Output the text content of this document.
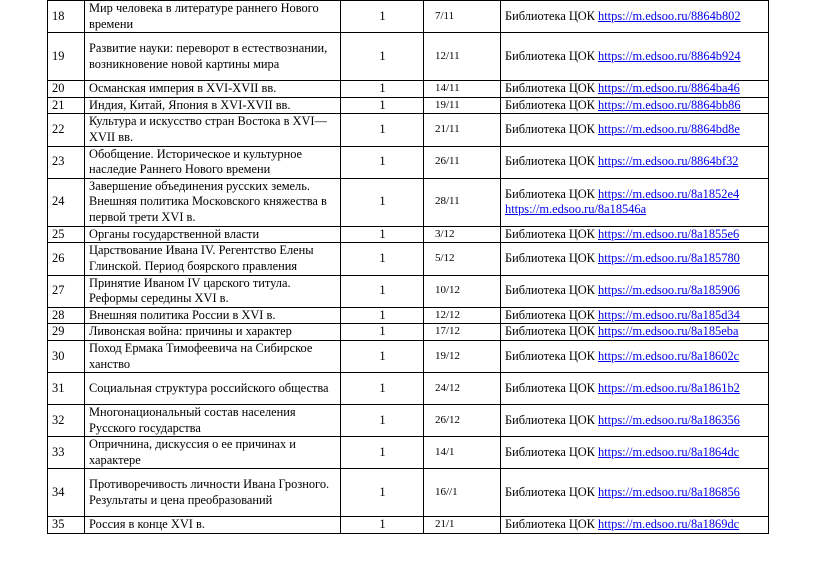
18	Мир человека в литературе раннего Нового времени	1	7/11	Библиотека ЦОК https://m.edsoo.ru/8864b802
19	Развитие науки: переворот в естествознании, возникновение новой картины мира	1	12/11	Библиотека ЦОК https://m.edsoo.ru/8864b924
20	Османская империя в XVI-XVII вв.	1	14/11	Библиотека ЦОК https://m.edsoo.ru/8864ba46
21	Индия, Китай, Япония в XVI-XVII вв.	1	19/11	Библиотека ЦОК https://m.edsoo.ru/8864bb86
22	Культура и искусство стран Востока в XVI—XVII вв.	1	21/11	Библиотека ЦОК https://m.edsoo.ru/8864bd8e
23	Обобщение. Историческое и культурное наследие Раннего Нового времени	1	26/11	Библиотека ЦОК https://m.edsoo.ru/8864bf32
24	Завершение объединения русских земель. Внешняя политика Московского княжества в первой трети XVI в.	1	28/11	Библиотека ЦОК https://m.edsoo.ru/8a1852e4
https://m.edsoo.ru/8a18546a

25	Органы государственной власти	1	3/12	Библиотека ЦОК https://m.edsoo.ru/8a1855e6
26	Царствование Ивана IV. Регентство Елены Глинской. Период боярского правления	1	5/12	Библиотека ЦОК https://m.edsoo.ru/8a185780
27	Принятие Иваном IV царского титула. Реформы середины XVI в.	1	10/12	Библиотека ЦОК https://m.edsoo.ru/8a185906
28	Внешняя политика России в XVI в.	1	12/12	Библиотека ЦОК https://m.edsoo.ru/8a185d34
29	Ливонская война: причины и характер	1	17/12	Библиотека ЦОК https://m.edsoo.ru/8a185eba
30	Поход Ермака Тимофеевича на Сибирское ханство	1	19/12	Библиотека ЦОК https://m.edsoo.ru/8a18602c
31	Социальная структура российского общества	1	24/12	Библиотека ЦОК https://m.edsoo.ru/8a1861b2
32	Многонациональный состав населения Русского государства	1	26/12	Библиотека ЦОК https://m.edsoo.ru/8a186356
33	Опричнина, дискуссия о ее причинах и характере	1	14/1	Библиотека ЦОК https://m.edsoo.ru/8a1864dc
34	Противоречивость личности Ивана Грозного. Результаты и цена преобразований	1	16//1	Библиотека ЦОК https://m.edsoo.ru/8a186856
35	Россия в конце XVI в.	1	21/1	Библиотека ЦОК https://m.edsoo.ru/8a1869dc
